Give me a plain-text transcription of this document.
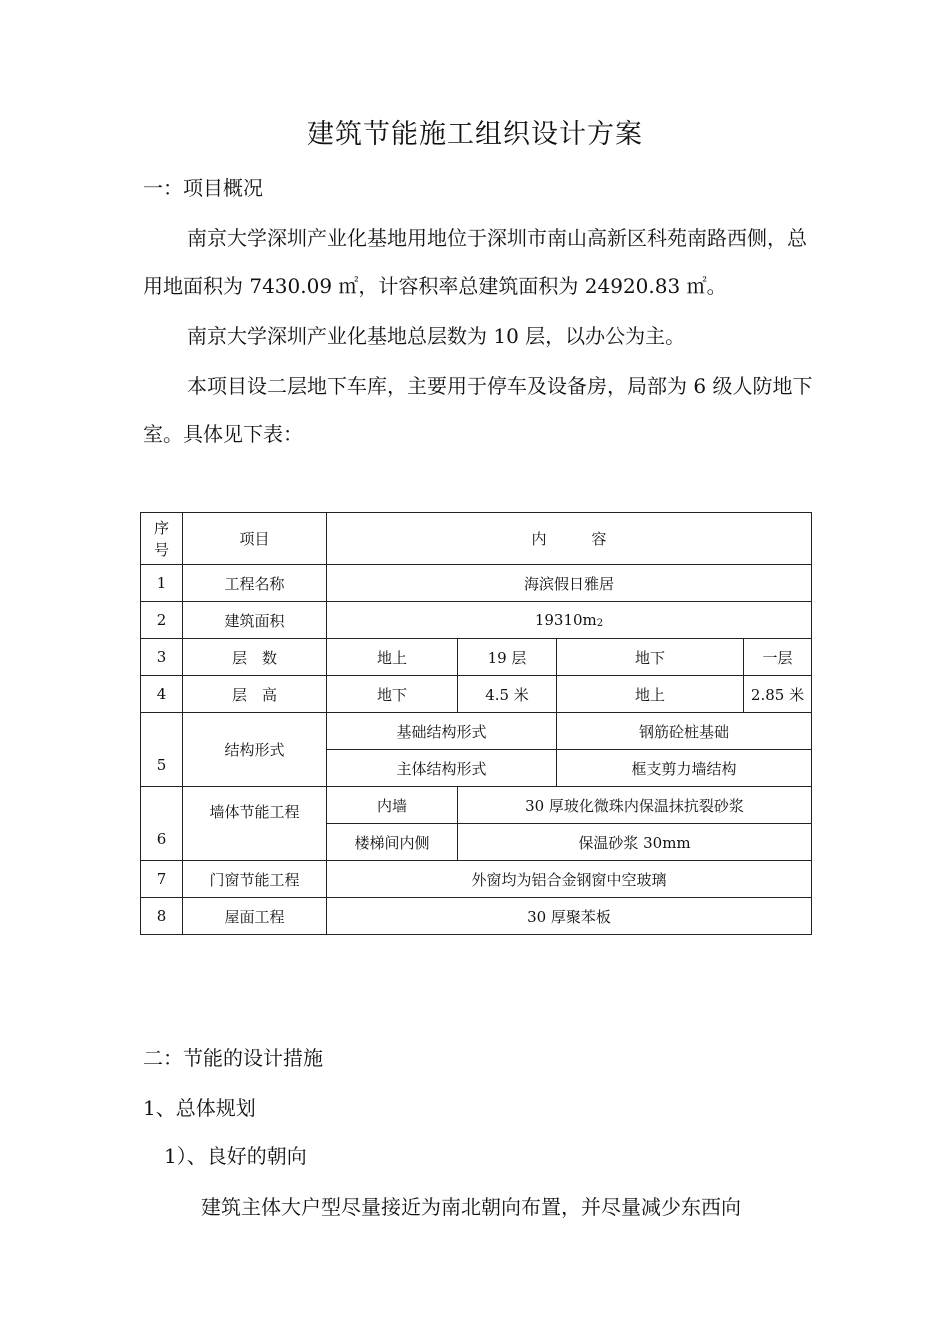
建筑节能施工组织设计方案
一：项目概况
南京大学深圳产业化基地用地位于深圳市南山高新区科苑南路西侧，总用地面积为 7430.09 ㎡，计容积率总建筑面积为 24920.83 ㎡。
南京大学深圳产业化基地总层数为 10 层，以办公为主。
本项目设二层地下车库，主要用于停车及设备房，局部为 6 级人防地下室。具体见下表：
序号	项目	内　　　容			
1	工程名称	海滨假日雅居			
2	建筑面积	19310m2			
3	层　数	地上	19 层	地下	一层
4	层　高	地下	4.5 米	地上	2.85 米
5	结构形式	基础结构形式		钢筋砼桩基础	
		主体结构形式		框支剪力墙结构	
6	墙体节能工程	内墙	30 厚玻化微珠内保温抹抗裂砂浆		
		楼梯间内侧	保温砂浆 30mm		
7	门窗节能工程	外窗均为铝合金钢窗中空玻璃			
8	屋面工程	30 厚聚苯板			
二：节能的设计措施
1、总体规划
1）、良好的朝向
建筑主体大户型尽量接近为南北朝向布置，并尽量减少东西向
